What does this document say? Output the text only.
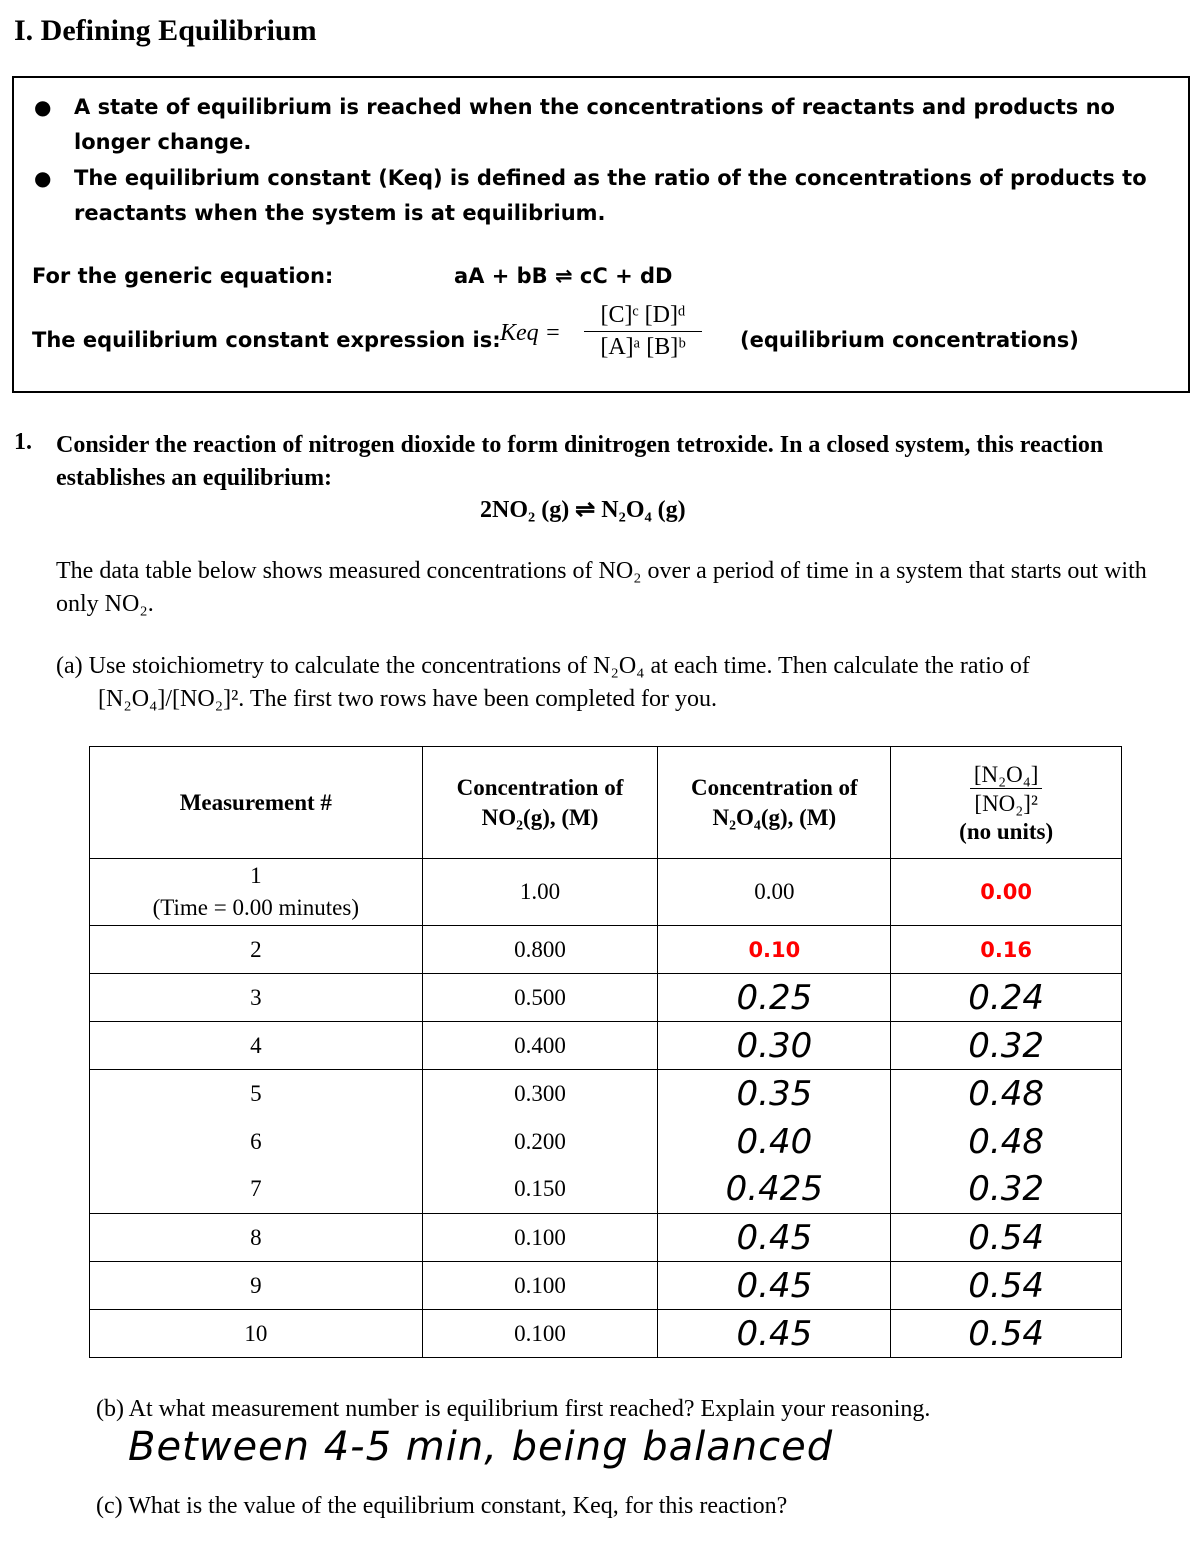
I. Defining Equilibrium
● A state of equilibrium is reached when the concentrations of reactants and products no longer change.
● The equilibrium constant (Keq) is defined as the ratio of the concentrations of products to reactants when the system is at equilibrium.
For the generic equation:	aA + bB ⇌ cC + dD
The equilibrium constant expression is: Keq = $\frac{\text{[C]ᶜ [D]ᵈ}}{\text{[A]ᵃ [B]ᵇ}}$ (equilibrium concentrations)
1. Consider the reaction of nitrogen dioxide to form dinitrogen tetroxide. In a closed system, this reaction establishes an equilibrium:
2NO₂ (g) ⇌ N₂O₄ (g)
The data table below shows measured concentrations of NO₂ over a period of time in a system that starts out with only NO₂.
(a) Use stoichiometry to calculate the concentrations of N₂O₄ at each time. Then calculate the ratio of [N₂O₄]/[NO₂]². The first two rows have been completed for you.
Measurement #	Concentration of NO₂(g), (M)	Concentration of N₂O₄(g), (M)	[N₂O₄]
[NO₂]²
(no units)

1
(Time = 0.00 minutes)	1.00	0.00	0.00
2	0.800	0.10	0.16
3	0.500	0.25	0.24
4	0.400	0.30	0.32
5	0.300	0.35	0.48
6	0.200	0.40	0.48
7	0.150	0.425	0.32
8	0.100	0.45	0.54
9	0.100	0.45	0.54
10	0.100	0.45	0.54
(b) At what measurement number is equilibrium first reached? Explain your reasoning.
Between 4-5 min, being balanced
(c) What is the value of the equilibrium constant, Keq, for this reaction?
